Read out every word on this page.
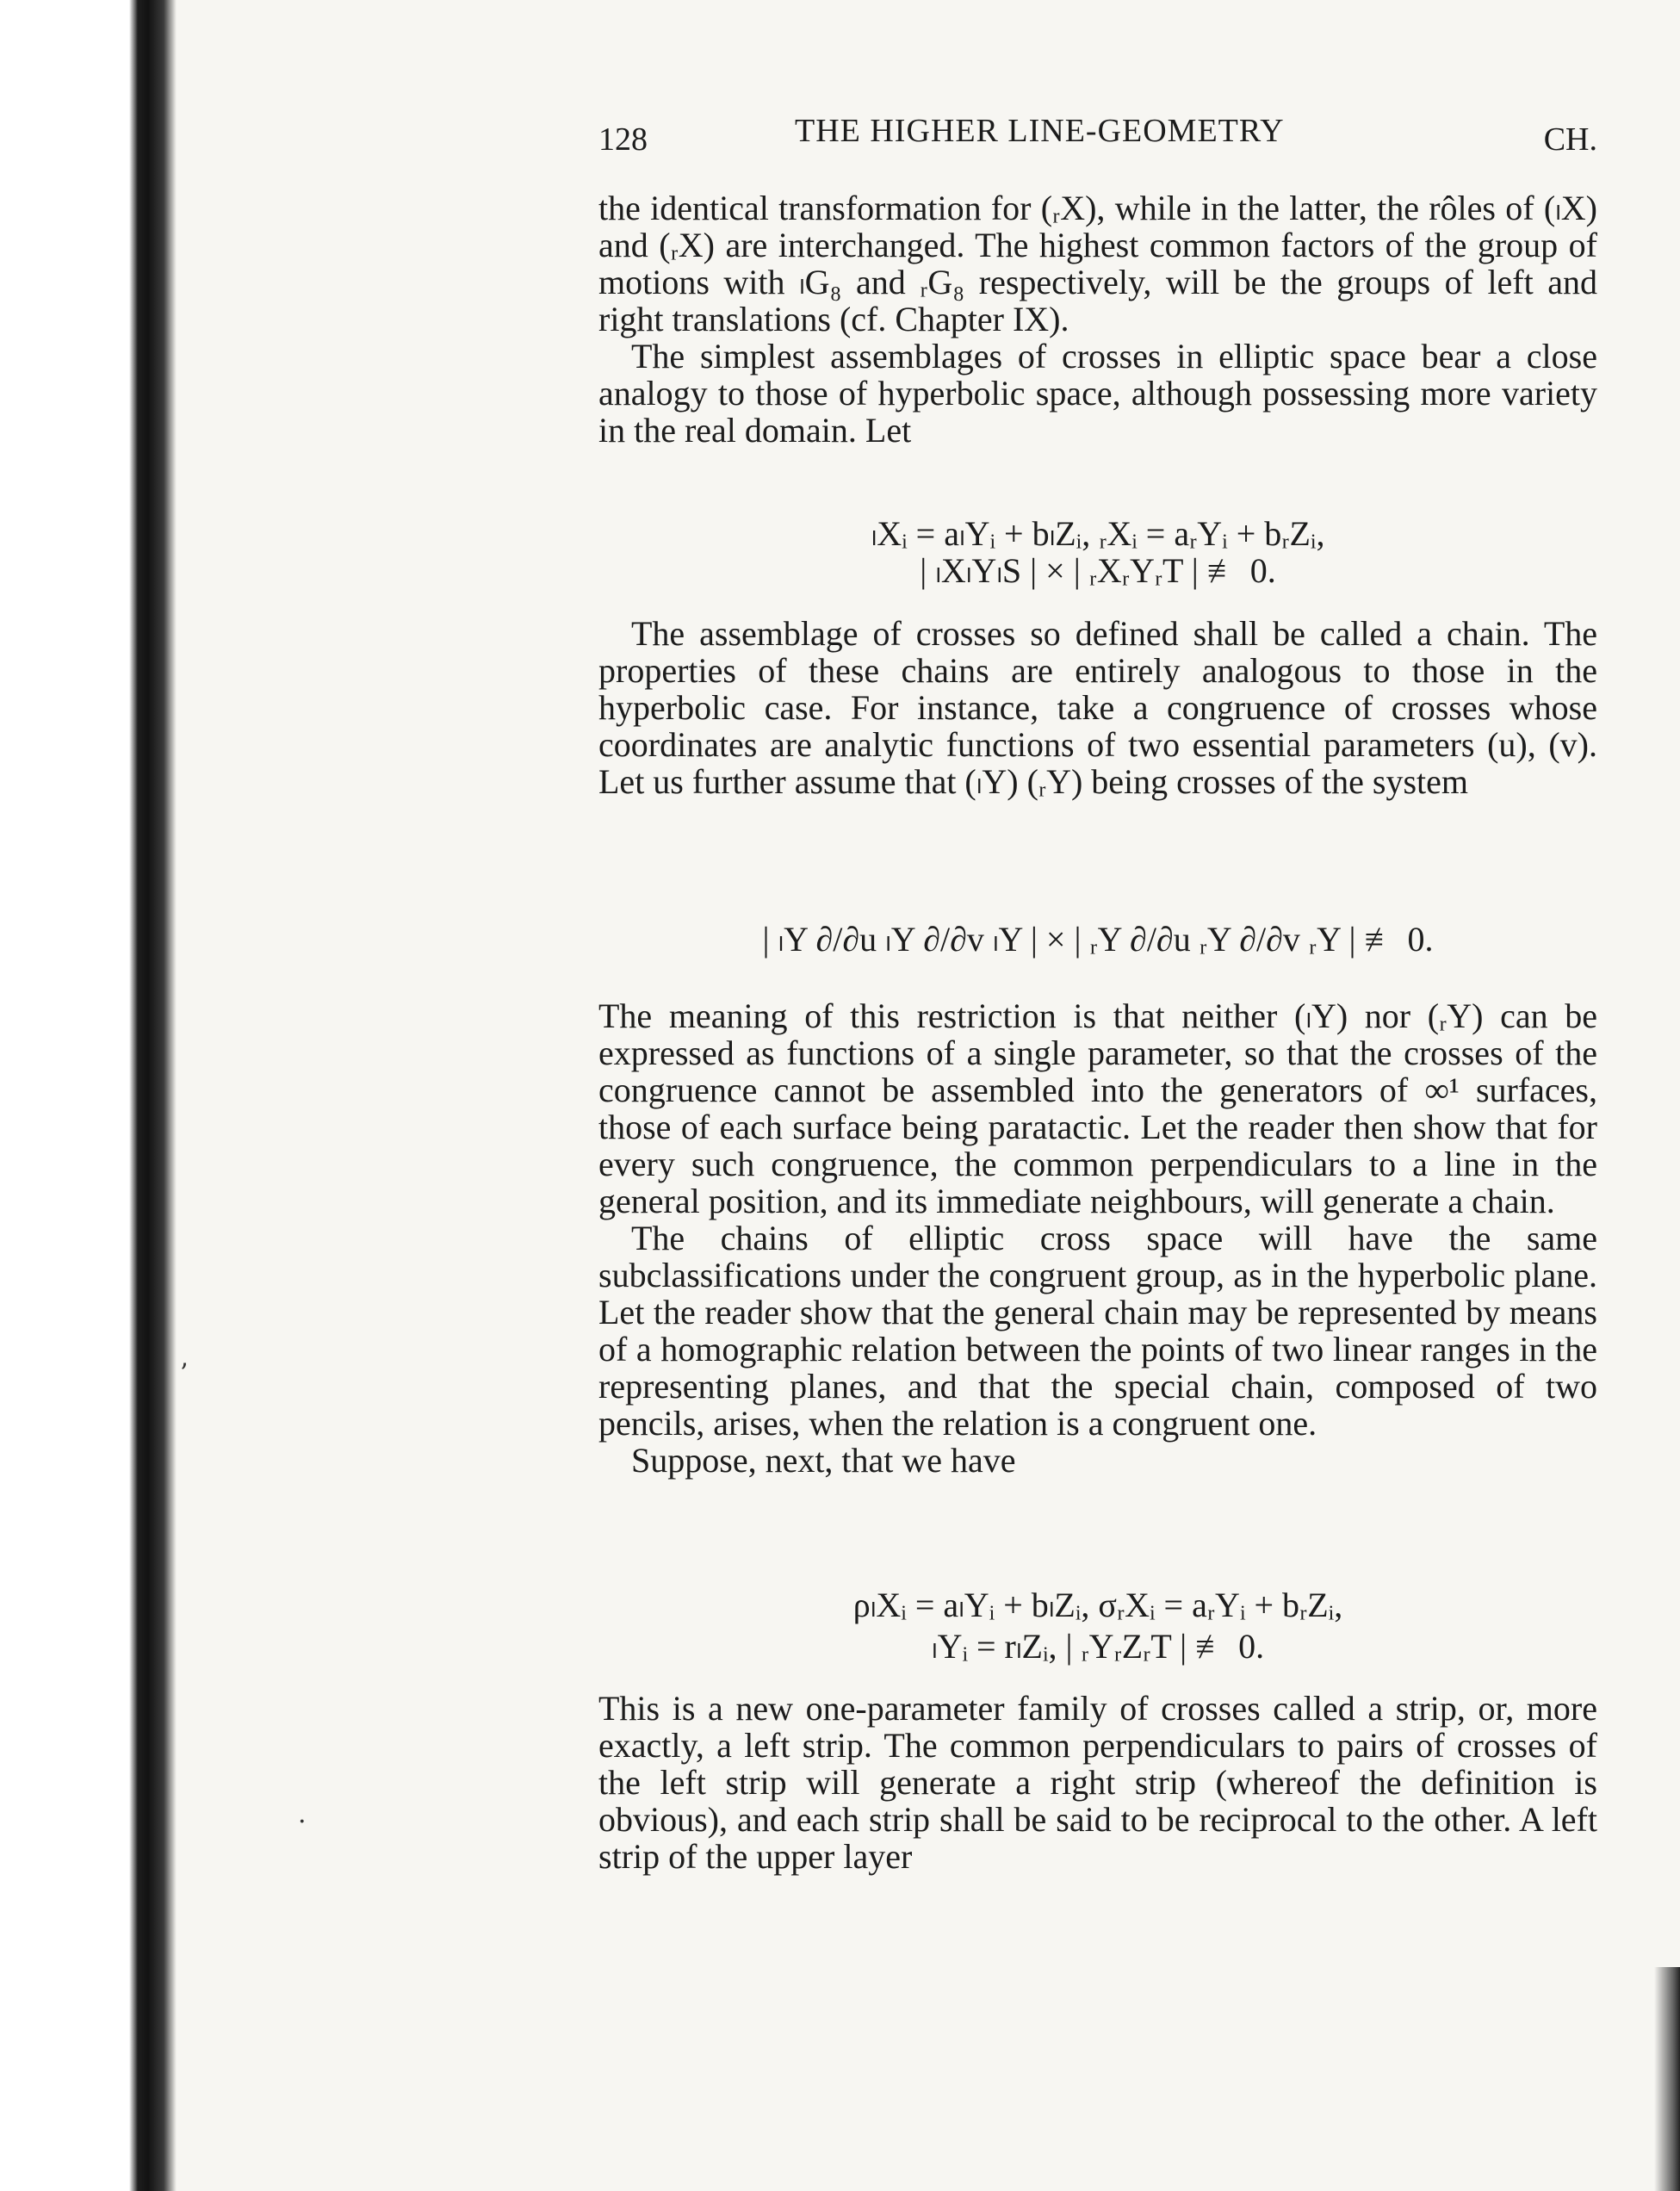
ʼ
·
128	THE HIGHER LINE-GEOMETRY	CH.

the identical transformation for (ᵣX), while in the latter, the rôles of (ₗX) and (ᵣX) are interchanged. The highest common factors of the group of motions with ₗG₈ and ᵣG₈ respectively, will be the groups of left and right translations (cf. Chapter IX).

The simplest assemblages of crosses in elliptic space bear a close analogy to those of hyperbolic space, although possessing more variety in the real domain. Let

ₗXᵢ = aₗYᵢ + bₗZᵢ, ᵣXᵢ = aᵣYᵢ + bᵣZᵢ,
| ₗXₗYₗS | × | ᵣXᵣYᵣT | ≢ 0.

The assemblage of crosses so defined shall be called a chain. The properties of these chains are entirely analogous to those in the hyperbolic case. For instance, take a congruence of crosses whose coordinates are analytic functions of two essential parameters (u), (v). Let us further assume that (ₗY) (ᵣY) being crosses of the system

| ₗY ∂/∂u ₗY ∂/∂v ₗY | × | ᵣY ∂/∂u ᵣY ∂/∂v ᵣY | ≢ 0.

The meaning of this restriction is that neither (ₗY) nor (ᵣY) can be expressed as functions of a single parameter, so that the crosses of the congruence cannot be assembled into the generators of ∞¹ surfaces, those of each surface being paratactic. Let the reader then show that for every such congruence, the common perpendiculars to a line in the general position, and its immediate neighbours, will generate a chain.

The chains of elliptic cross space will have the same subclassifications under the congruent group, as in the hyperbolic plane. Let the reader show that the general chain may be represented by means of a homographic relation between the points of two linear ranges in the representing planes, and that the special chain, composed of two pencils, arises, when the relation is a congruent one.

Suppose, next, that we have

ρₗXᵢ = aₗYᵢ + bₗZᵢ, σᵣXᵢ = aᵣYᵢ + bᵣZᵢ,
ₗYᵢ = rₗZᵢ, | ᵣYᵣZᵣT | ≢ 0.

This is a new one-parameter family of crosses called a strip, or, more exactly, a left strip. The common perpendiculars to pairs of crosses of the left strip will generate a right strip (whereof the definition is obvious), and each strip shall be said to be reciprocal to the other. A left strip of the upper layer
